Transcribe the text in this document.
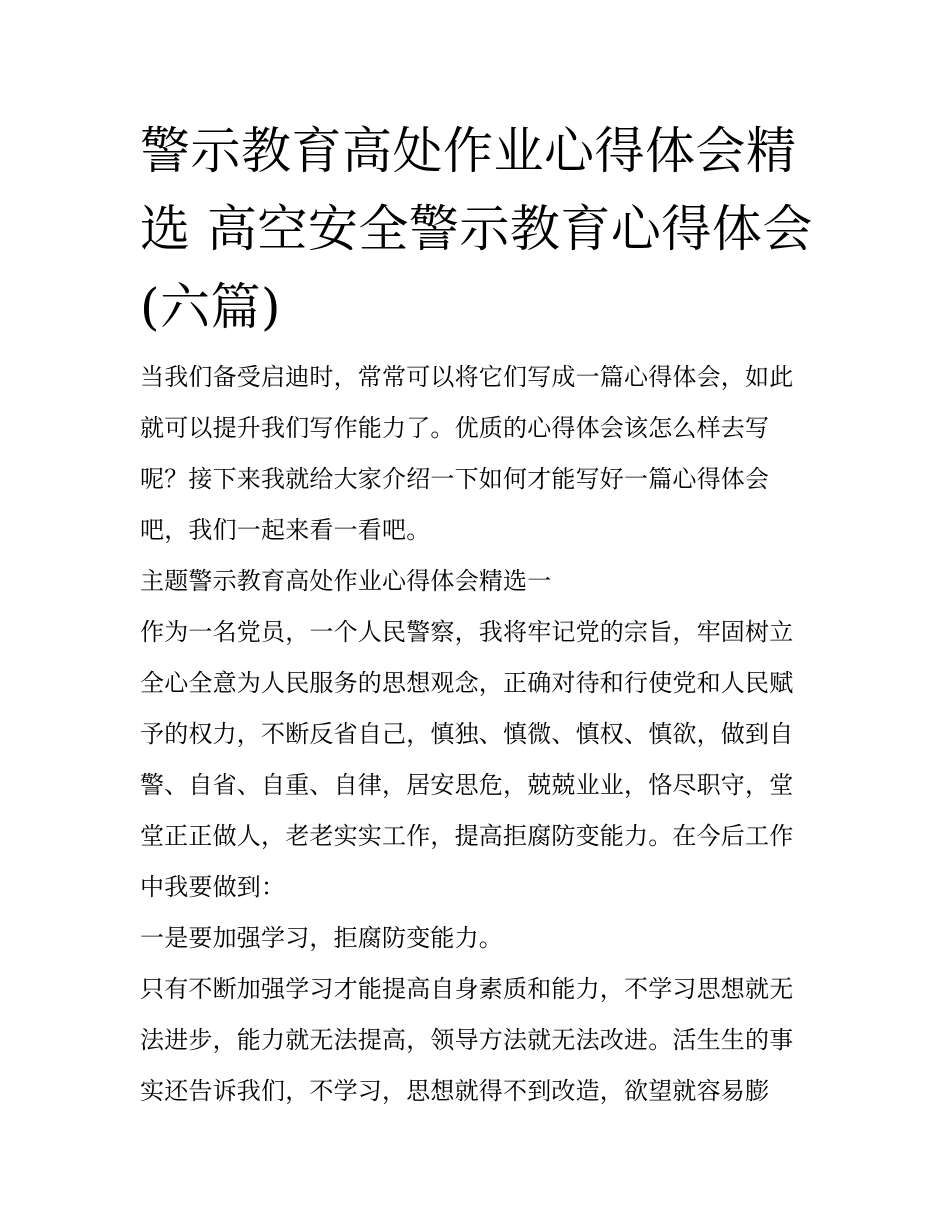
警示教育高处作业心得体会精
选 高空安全警示教育心得体会
(六篇)
当我们备受启迪时，常常可以将它们写成一篇心得体会，如此
就可以提升我们写作能力了。优质的心得体会该怎么样去写
呢？接下来我就给大家介绍一下如何才能写好一篇心得体会
吧，我们一起来看一看吧。
主题警示教育高处作业心得体会精选一
作为一名党员，一个人民警察，我将牢记党的宗旨，牢固树立
全心全意为人民服务的思想观念，正确对待和行使党和人民赋
予的权力，不断反省自己，慎独、慎微、慎权、慎欲，做到自
警、自省、自重、自律，居安思危，兢兢业业，恪尽职守，堂
堂正正做人，老老实实工作，提高拒腐防变能力。在今后工作
中我要做到：
一是要加强学习，拒腐防变能力。
只有不断加强学习才能提高自身素质和能力，不学习思想就无
法进步，能力就无法提高，领导方法就无法改进。活生生的事
实还告诉我们，不学习，思想就得不到改造，欲望就容易膨
